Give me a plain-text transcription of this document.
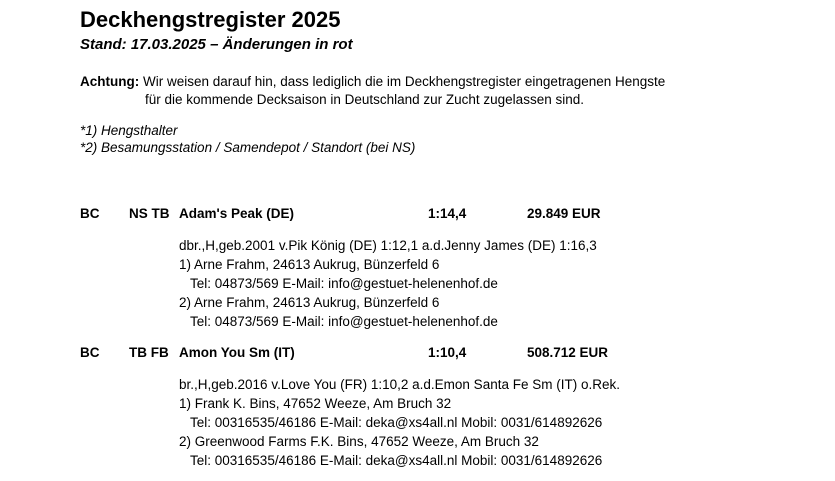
Deckhengstregister 2025
Stand: 17.03.2025 – Änderungen in rot
Achtung: Wir weisen darauf hin, dass lediglich die im Deckhengstregister eingetragenen Hengste
für die kommende Decksaison in Deutschland zur Zucht zugelassen sind.
*1) Hengsthalter
*2) Besamungsstation / Samendepot / Standort (bei NS)
BC NS TB Adam's Peak (DE)	1:14,4	29.849 EUR
dbr.,H,geb.2001 v.Pik König (DE) 1:12,1 a.d.Jenny James (DE) 1:16,3
1) Arne Frahm, 24613 Aukrug, Bünzerfeld 6
Tel: 04873/569 E-Mail: info@gestuet-helenenhof.de
2) Arne Frahm, 24613 Aukrug, Bünzerfeld 6
Tel: 04873/569 E-Mail: info@gestuet-helenenhof.de
BC TB FB Amon You Sm (IT)	1:10,4	508.712 EUR
br.,H,geb.2016 v.Love You (FR) 1:10,2 a.d.Emon Santa Fe Sm (IT) o.Rek.
1) Frank K. Bins, 47652 Weeze, Am Bruch 32
Tel: 00316535/46186 E-Mail: deka@xs4all.nl Mobil: 0031/614892626
2) Greenwood Farms F.K. Bins, 47652 Weeze, Am Bruch 32
Tel: 00316535/46186 E-Mail: deka@xs4all.nl Mobil: 0031/614892626
